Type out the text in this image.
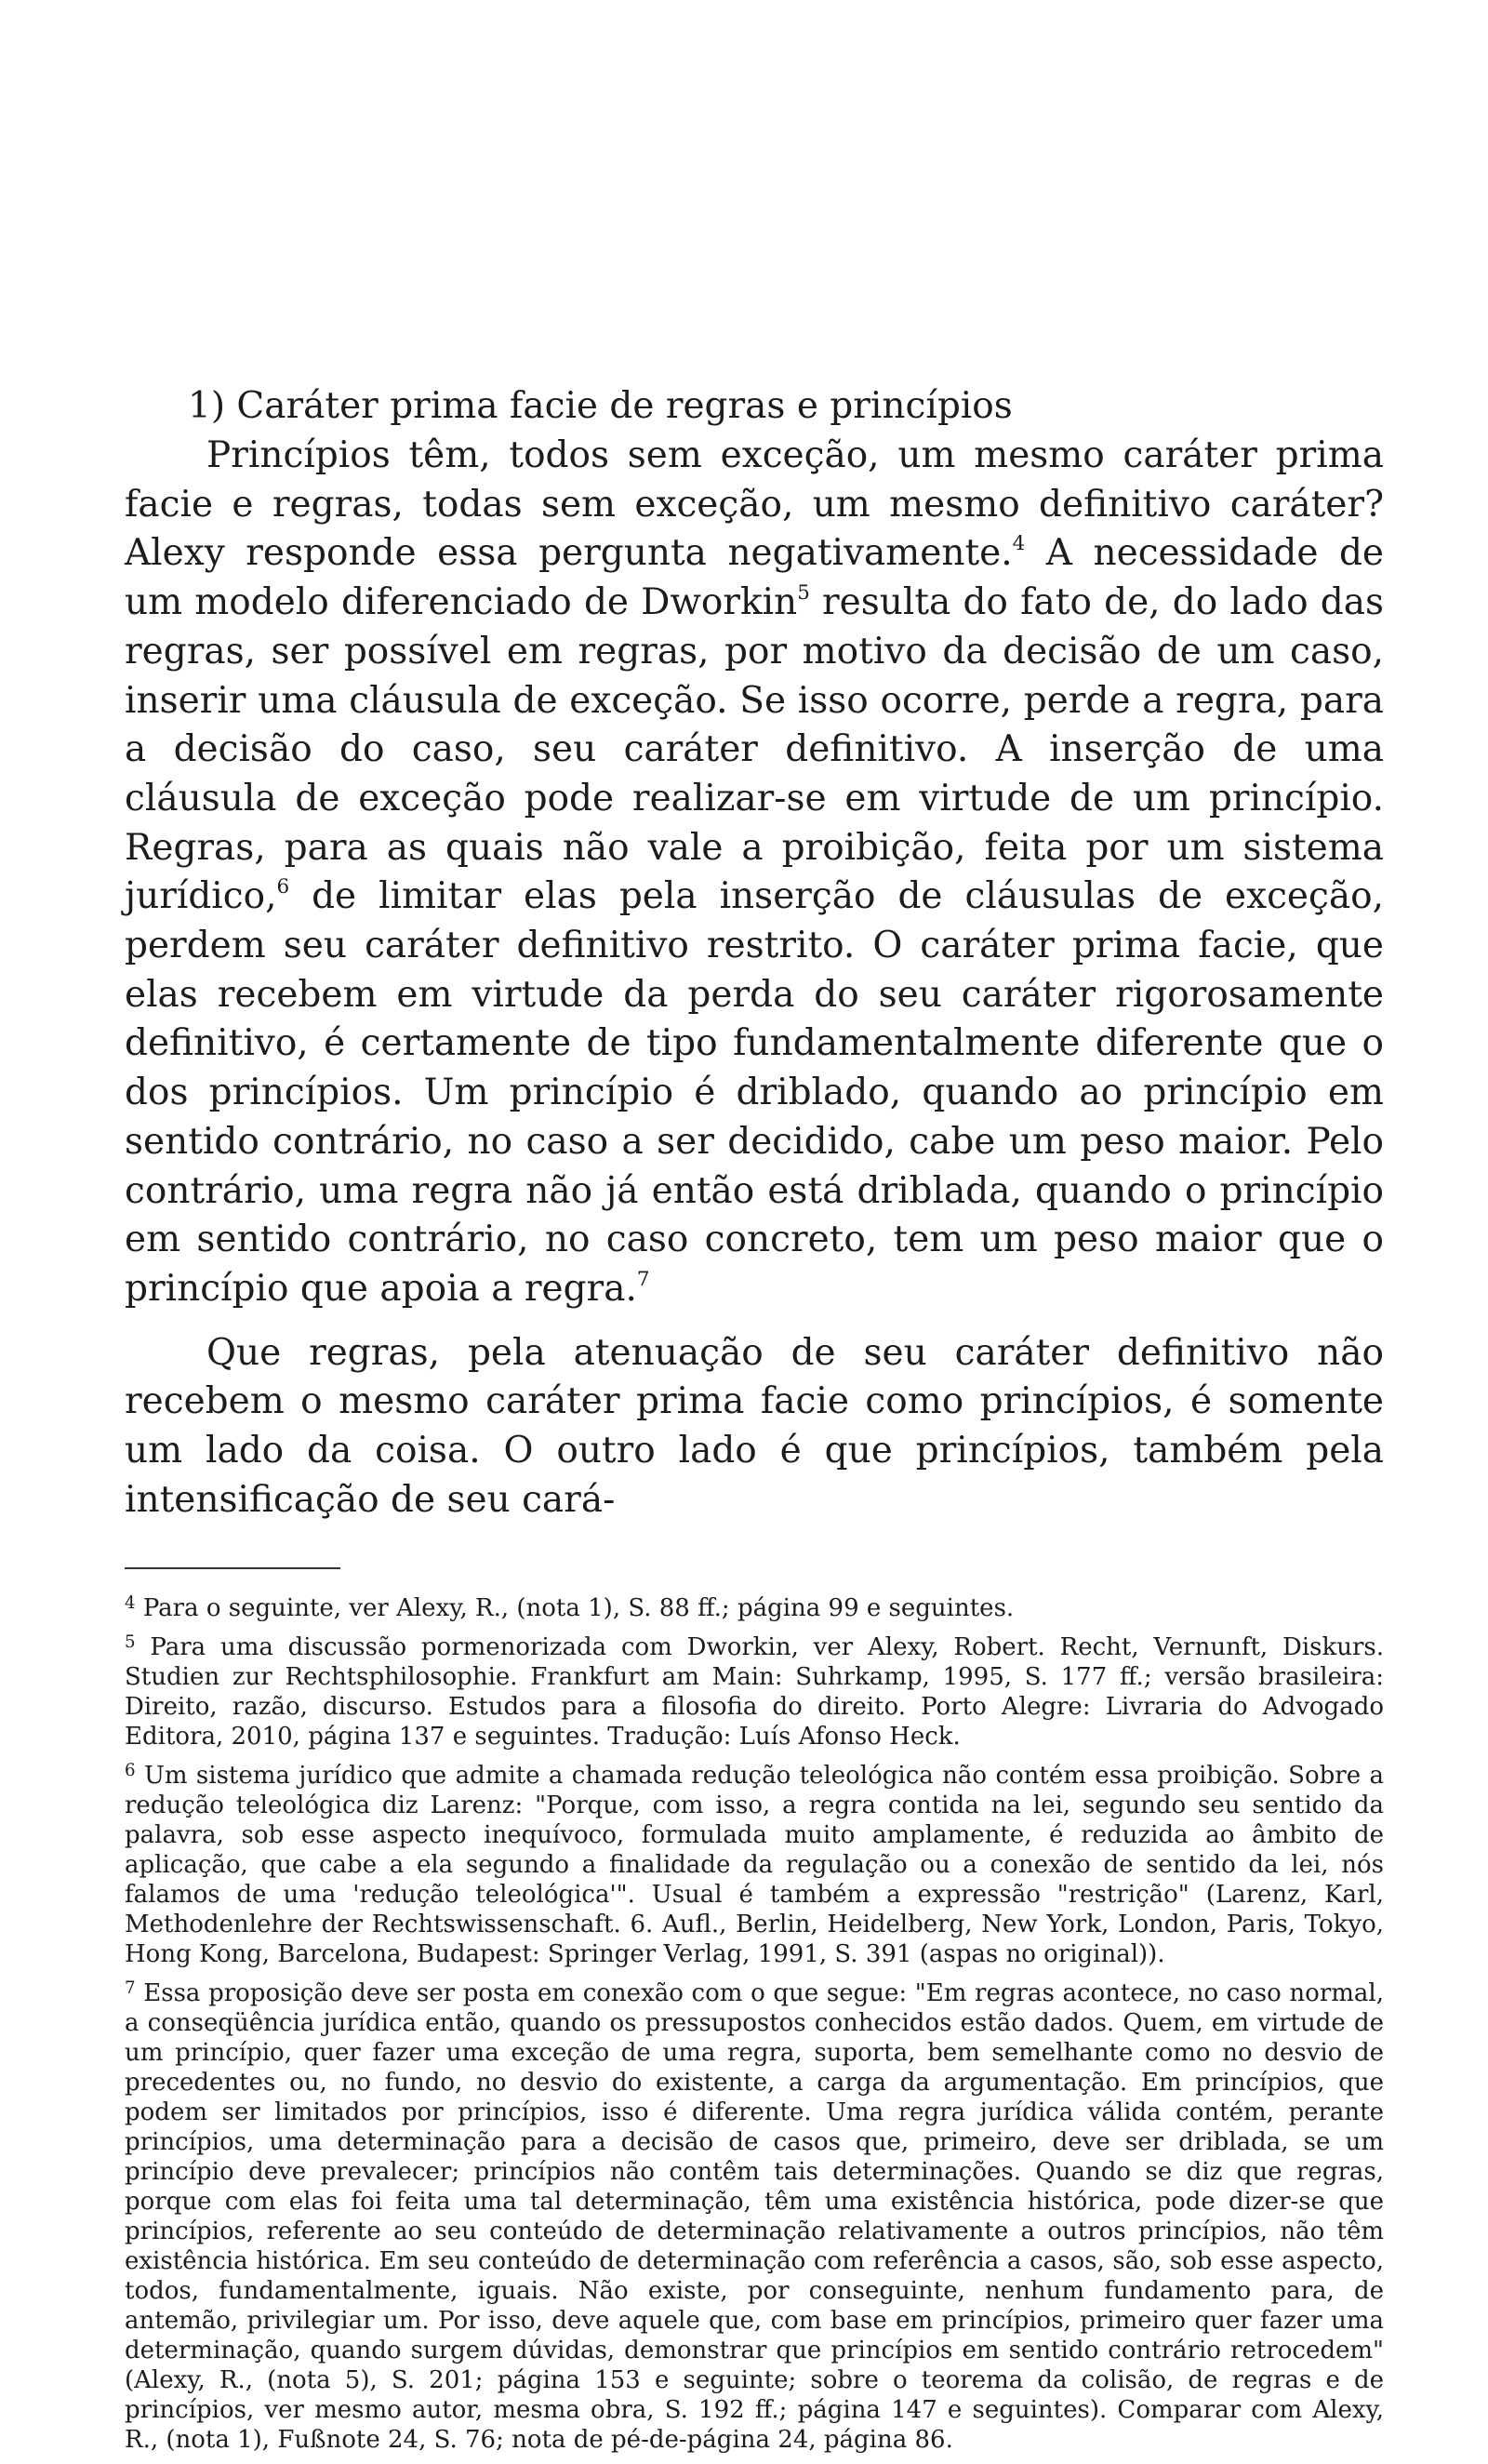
1) Caráter prima facie de regras e princípios

Princípios têm, todos sem exceção, um mesmo caráter prima facie e regras, todas sem exceção, um mesmo definitivo caráter? Alexy responde essa pergunta negativamente.$^4$ A necessidade de um modelo diferenciado de Dworkin$^5$ resulta do fato de, do lado das regras, ser possível em regras, por motivo da decisão de um caso, inserir uma cláusula de exceção. Se isso ocorre, perde a regra, para a decisão do caso, seu caráter definitivo. A inserção de uma cláusula de exceção pode realizar-se em virtude de um princípio. Regras, para as quais não vale a proibição, feita por um sistema jurídico,$^6$ de limitar elas pela inserção de cláusulas de exceção, perdem seu caráter definitivo restrito. O caráter prima facie, que elas recebem em virtude da perda do seu caráter rigorosamente definitivo, é certamente de tipo fundamentalmente diferente que o dos princípios. Um princípio é driblado, quando ao princípio em sentido contrário, no caso a ser decidido, cabe um peso maior. Pelo contrário, uma regra não já então está driblada, quando o princípio em sentido contrário, no caso concreto, tem um peso maior que o princípio que apoia a regra.$^7$

Que regras, pela atenuação de seu caráter definitivo não recebem o mesmo caráter prima facie como princípios, é somente um lado da coisa. O outro lado é que princípios, também pela intensificação de seu cará-

$^4$ Para o seguinte, ver Alexy, R., (nota 1), S. 88 ff.; página 99 e seguintes.

$^5$ Para uma discussão pormenorizada com Dworkin, ver Alexy, Robert. Recht, Vernunft, Diskurs. Studien zur Rechtsphilosophie. Frankfurt am Main: Suhrkamp, 1995, S. 177 ff.; versão brasileira: Direito, razão, discurso. Estudos para a filosofia do direito. Porto Alegre: Livraria do Advogado Editora, 2010, página 137 e seguintes. Tradução: Luís Afonso Heck.

$^6$ Um sistema jurídico que admite a chamada redução teleológica não contém essa proibição. Sobre a redução teleológica diz Larenz: "Porque, com isso, a regra contida na lei, segundo seu sentido da palavra, sob esse aspecto inequívoco, formulada muito amplamente, é reduzida ao âmbito de aplicação, que cabe a ela segundo a finalidade da regulação ou a conexão de sentido da lei, nós falamos de uma 'redução teleológica'". Usual é também a expressão "restrição" (Larenz, Karl, Methodenlehre der Rechtswissenschaft. 6. Aufl., Berlin, Heidelberg, New York, London, Paris, Tokyo, Hong Kong, Barcelona, Budapest: Springer Verlag, 1991, S. 391 (aspas no original)).

$^7$ Essa proposição deve ser posta em conexão com o que segue: "Em regras acontece, no caso normal, a conseqüência jurídica então, quando os pressupostos conhecidos estão dados. Quem, em virtude de um princípio, quer fazer uma exceção de uma regra, suporta, bem semelhante como no desvio de precedentes ou, no fundo, no desvio do existente, a carga da argumentação. Em princípios, que podem ser limitados por princípios, isso é diferente. Uma regra jurídica válida contém, perante princípios, uma determinação para a decisão de casos que, primeiro, deve ser driblada, se um princípio deve prevalecer; princípios não contêm tais determinações. Quando se diz que regras, porque com elas foi feita uma tal determinação, têm uma existência histórica, pode dizer-se que princípios, referente ao seu conteúdo de determinação relativamente a outros princípios, não têm existência histórica. Em seu conteúdo de determinação com referência a casos, são, sob esse aspecto, todos, fundamentalmente, iguais. Não existe, por conseguinte, nenhum fundamento para, de antemão, privilegiar um. Por isso, deve aquele que, com base em princípios, primeiro quer fazer uma determinação, quando surgem dúvidas, demonstrar que princípios em sentido contrário retrocedem" (Alexy, R., (nota 5), S. 201; página 153 e seguinte; sobre o teorema da colisão, de regras e de princípios, ver mesmo autor, mesma obra, S. 192 ff.; página 147 e seguintes). Comparar com Alexy, R., (nota 1), Fußnote 24, S. 76; nota de pé-de-página 24, página 86.
